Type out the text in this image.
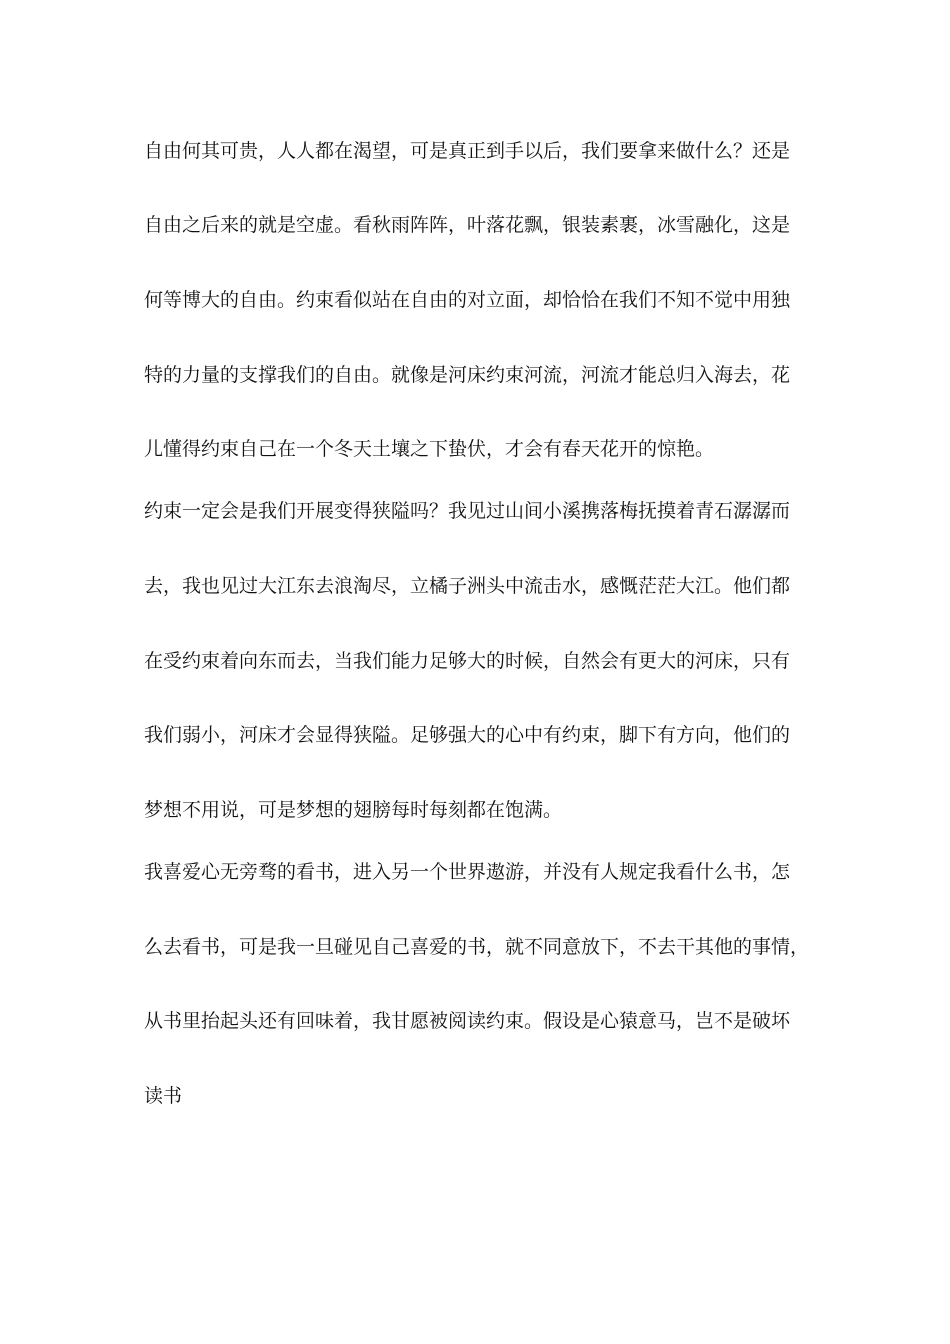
自由何其可贵，人人都在渴望，可是真正到手以后，我们要拿来做什么？还是
自由之后来的就是空虚。看秋雨阵阵，叶落花飘，银装素裹，冰雪融化，这是
何等博大的自由。约束看似站在自由的对立面，却恰恰在我们不知不觉中用独
特的力量的支撑我们的自由。就像是河床约束河流，河流才能总归入海去，花
儿懂得约束自己在一个冬天土壤之下蛰伏，才会有春天花开的惊艳。
约束一定会是我们开展变得狭隘吗？我见过山间小溪携落梅抚摸着青石潺潺而
去，我也见过大江东去浪淘尽，立橘子洲头中流击水，感慨茫茫大江。他们都
在受约束着向东而去，当我们能力足够大的时候，自然会有更大的河床，只有
我们弱小，河床才会显得狭隘。足够强大的心中有约束，脚下有方向，他们的
梦想不用说，可是梦想的翅膀每时每刻都在饱满。
我喜爱心无旁骛的看书，进入另一个世界遨游，并没有人规定我看什么书，怎
么去看书，可是我一旦碰见自己喜爱的书，就不同意放下，不去干其他的事情，
从书里抬起头还有回味着，我甘愿被阅读约束。假设是心猿意马，岂不是破坏
读书
